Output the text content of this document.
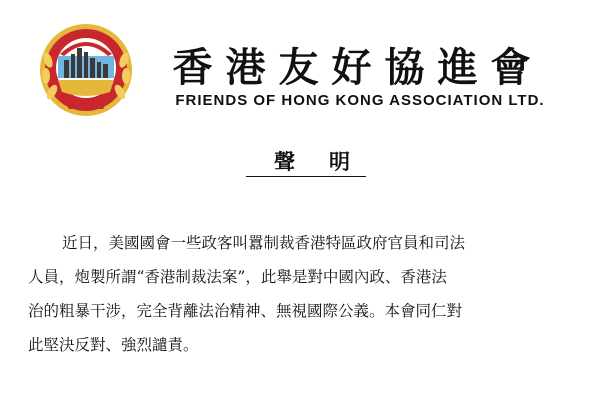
香港友好協進會
FRIENDS OF HONG KONG ASSOCIATION LTD.
聲明
近日，美國國會一些政客叫囂制裁香港特區政府官員和司法
人員，炮製所謂“香港制裁法案”，此舉是對中國內政、香港法
治的粗暴干涉，完全背離法治精神、無視國際公義。本會同仁對
此堅決反對、強烈譴責。
